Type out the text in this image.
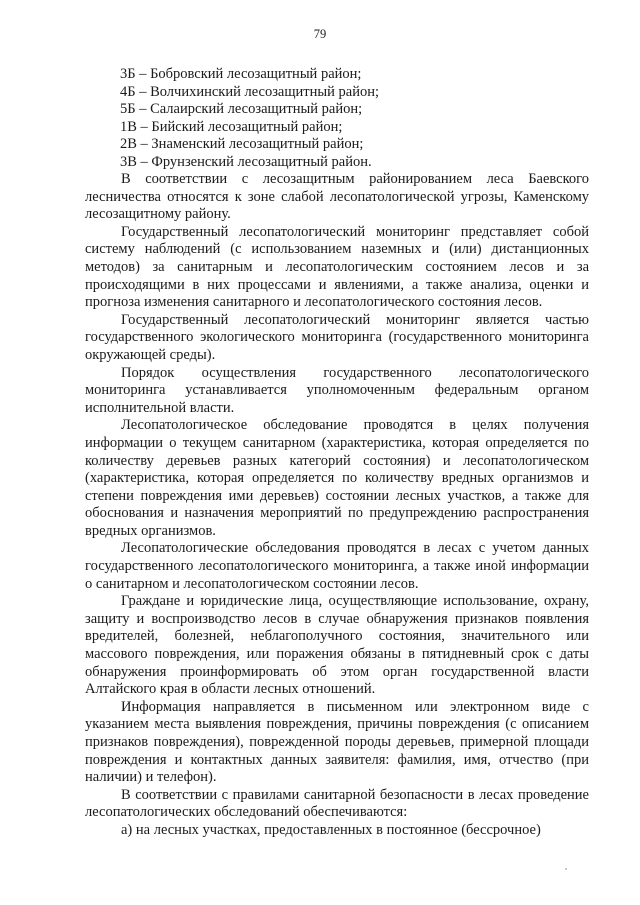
79
3Б – Бобровский лесозащитный район;
4Б – Волчихинский лесозащитный район;
5Б – Салаирский лесозащитный район;
1В – Бийский лесозащитный район;
2В – Знаменский лесозащитный район;
3В – Фрунзенский лесозащитный район.

В соответствии с лесозащитным районированием леса Баевского лесничества относятся к зоне слабой лесопатологической угрозы, Каменскому лесозащитному району.

Государственный лесопатологический мониторинг представляет собой систему наблюдений (с использованием наземных и (или) дистанционных методов) за санитарным и лесопатологическим состоянием лесов и за происходящими в них процессами и явлениями, а также анализа, оценки и прогноза изменения санитарного и лесопатологического состояния лесов.

Государственный лесопатологический мониторинг является частью государственного экологического мониторинга (государственного мониторинга окружающей среды).

Порядок осуществления государственного лесопатологического мониторинга устанавливается уполномоченным федеральным органом исполнительной власти.

Лесопатологическое обследование проводятся в целях получения информации о текущем санитарном (характеристика, которая определяется по количеству деревьев разных категорий состояния) и лесопатологическом (характеристика, которая определяется по количеству вредных организмов и степени повреждения ими деревьев) состоянии лесных участков, а также для обоснования и назначения мероприятий по предупреждению распространения вредных организмов.

Лесопатологические обследования проводятся в лесах с учетом данных государственного лесопатологического мониторинга, а также иной информации о санитарном и лесопатологическом состоянии лесов.

Граждане и юридические лица, осуществляющие использование, охрану, защиту и воспроизводство лесов в случае обнаружения признаков появления вредителей, болезней, неблагополучного состояния, значительного или массового повреждения, или поражения обязаны в пятидневный срок с даты обнаружения проинформировать об этом орган государственной власти Алтайского края в области лесных отношений.

Информация направляется в письменном или электронном виде с указанием места выявления повреждения, причины повреждения (с описанием признаков повреждения), поврежденной породы деревьев, примерной площади повреждения и контактных данных заявителя: фамилия, имя, отчество (при наличии) и телефон).

В соответствии с правилами санитарной безопасности в лесах проведение лесопатологических обследований обеспечиваются:

а) на лесных участках, предоставленных в постоянное (бессрочное)
